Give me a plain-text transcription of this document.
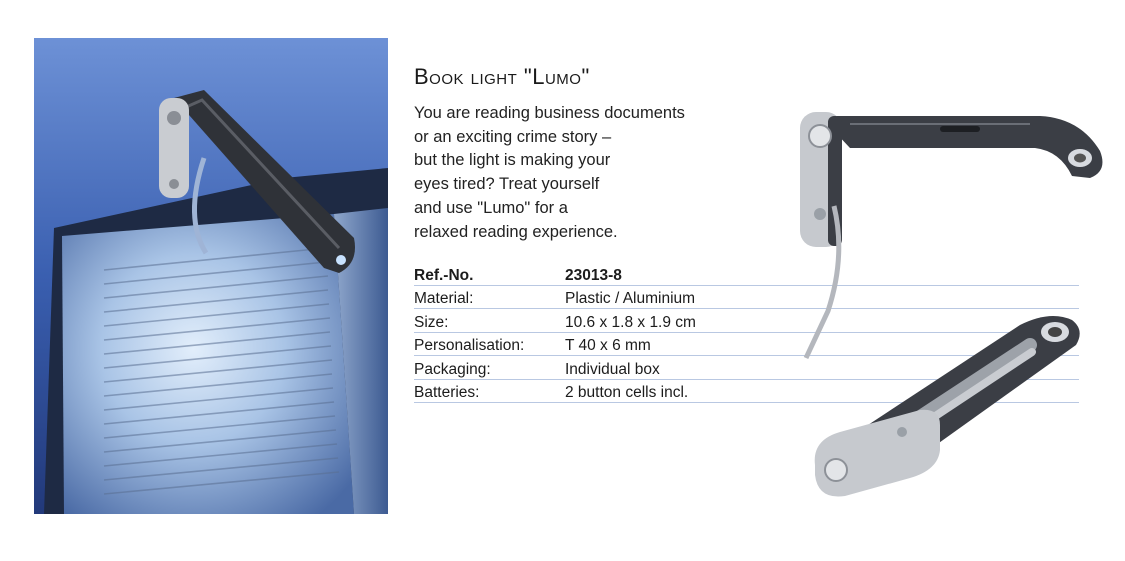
Book light "Lumo"
You are reading business documents
or an exciting crime story –
but the light is making your
eyes tired? Treat yourself
and use "Lumo" for a
relaxed reading experience.
Ref.-No.	23013-8
Material:	Plastic / Aluminium
Size:	10.6 x 1.8 x 1.9 cm
Personalisation:	T 40 x 6 mm
Packaging:	Individual box
Batteries:	2 button cells incl.
